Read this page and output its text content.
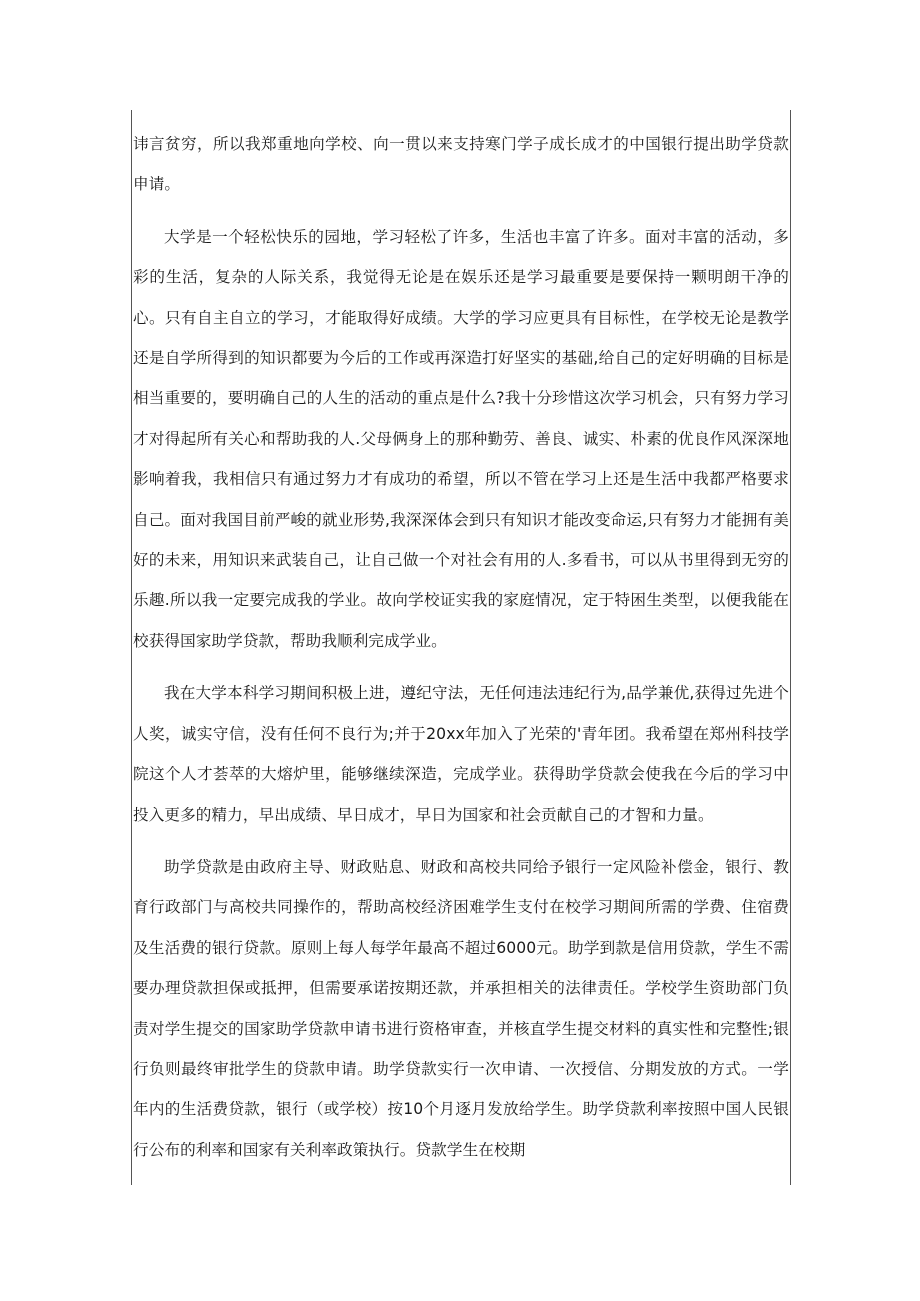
讳言贫穷，所以我郑重地向学校、向一贯以来支持寒门学子成长成才的中国银行提出助学贷款申请。

大学是一个轻松快乐的园地，学习轻松了许多，生活也丰富了许多。面对丰富的活动，多彩的生活，复杂的人际关系，我觉得无论是在娱乐还是学习最重要是要保持一颗明朗干净的心。只有自主自立的学习，才能取得好成绩。大学的学习应更具有目标性，在学校无论是教学还是自学所得到的知识都要为今后的工作或再深造打好坚实的基础,给自己的定好明确的目标是相当重要的，要明确自己的人生的活动的重点是什么?我十分珍惜这次学习机会，只有努力学习才对得起所有关心和帮助我的人.父母俩身上的那种勤劳、善良、诚实、朴素的优良作风深深地影响着我，我相信只有通过努力才有成功的希望，所以不管在学习上还是生活中我都严格要求自己。面对我国目前严峻的就业形势,我深深体会到只有知识才能改变命运,只有努力才能拥有美好的未来，用知识来武装自己，让自己做一个对社会有用的人.多看书，可以从书里得到无穷的乐趣.所以我一定要完成我的学业。故向学校证实我的家庭情况，定于特困生类型，以便我能在校获得国家助学贷款，帮助我顺利完成学业。

我在大学本科学习期间积极上进，遵纪守法，无任何违法违纪行为,品学兼优,获得过先进个人奖，诚实守信，没有任何不良行为;并于20xx年加入了光荣的'青年团。我希望在郑州科技学院这个人才荟萃的大熔炉里，能够继续深造，完成学业。获得助学贷款会使我在今后的学习中投入更多的精力，早出成绩、早日成才，早日为国家和社会贡献自己的才智和力量。

助学贷款是由政府主导、财政贴息、财政和高校共同给予银行一定风险补偿金，银行、教育行政部门与高校共同操作的，帮助高校经济困难学生支付在校学习期间所需的学费、住宿费及生活费的银行贷款。原则上每人每学年最高不超过6000元。助学到款是信用贷款，学生不需要办理贷款担保或抵押，但需要承诺按期还款，并承担相关的法律责任。学校学生资助部门负责对学生提交的国家助学贷款申请书进行资格审查，并核直学生提交材料的真实性和完整性;银行负则最终审批学生的贷款申请。助学贷款实行一次申请、一次授信、分期发放的方式。一学年内的生活费贷款，银行（或学校）按10个月逐月发放给学生。助学贷款利率按照中国人民银行公布的利率和国家有关利率政策执行。贷款学生在校期
